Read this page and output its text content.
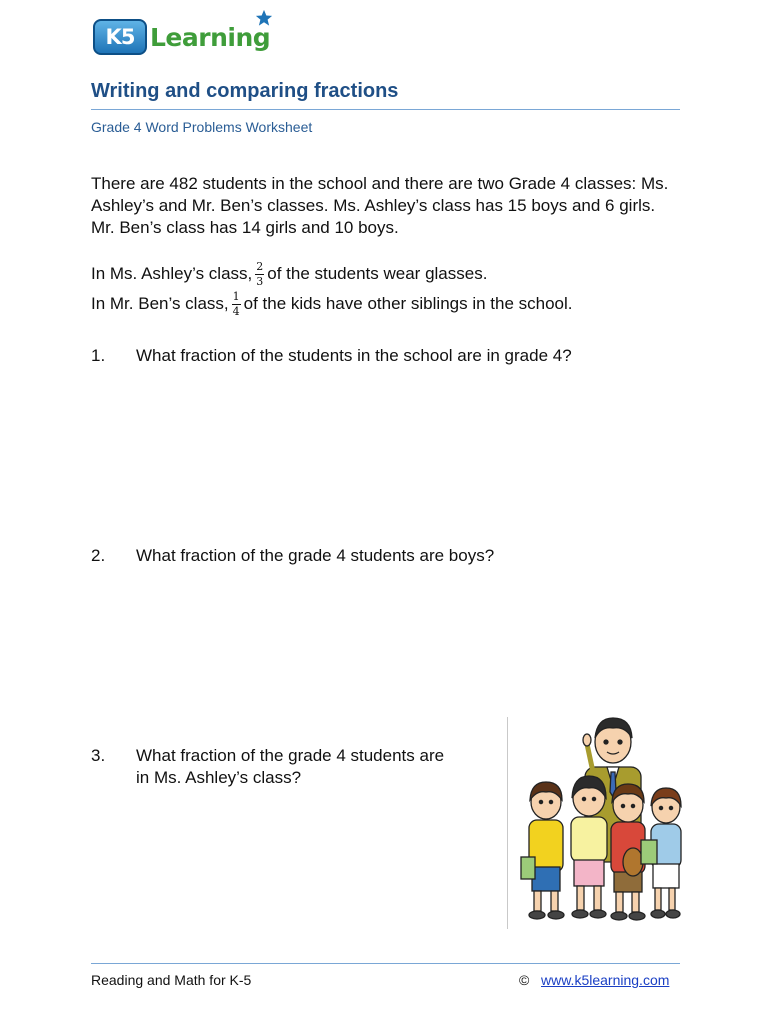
K5 Learning
Writing and comparing fractions
Grade 4 Word Problems Worksheet
There are 482 students in the school and there are two Grade 4 classes: Ms. Ashley’s and Mr. Ben’s classes. Ms. Ashley’s class has 15 boys and 6 girls. Mr. Ben’s class has 14 girls and 10 boys.
In Ms. Ashley’s class, $\frac{2}{3}$ of the students wear glasses.
In Mr. Ben’s class, $\frac{1}{4}$ of the kids have other siblings in the school.
1. What fraction of the students in the school are in grade 4?
2. What fraction of the grade 4 students are boys?
3. What fraction of the grade 4 students are
in Ms. Ashley’s class?
Reading and Math for K-5	© www.k5learning.com
